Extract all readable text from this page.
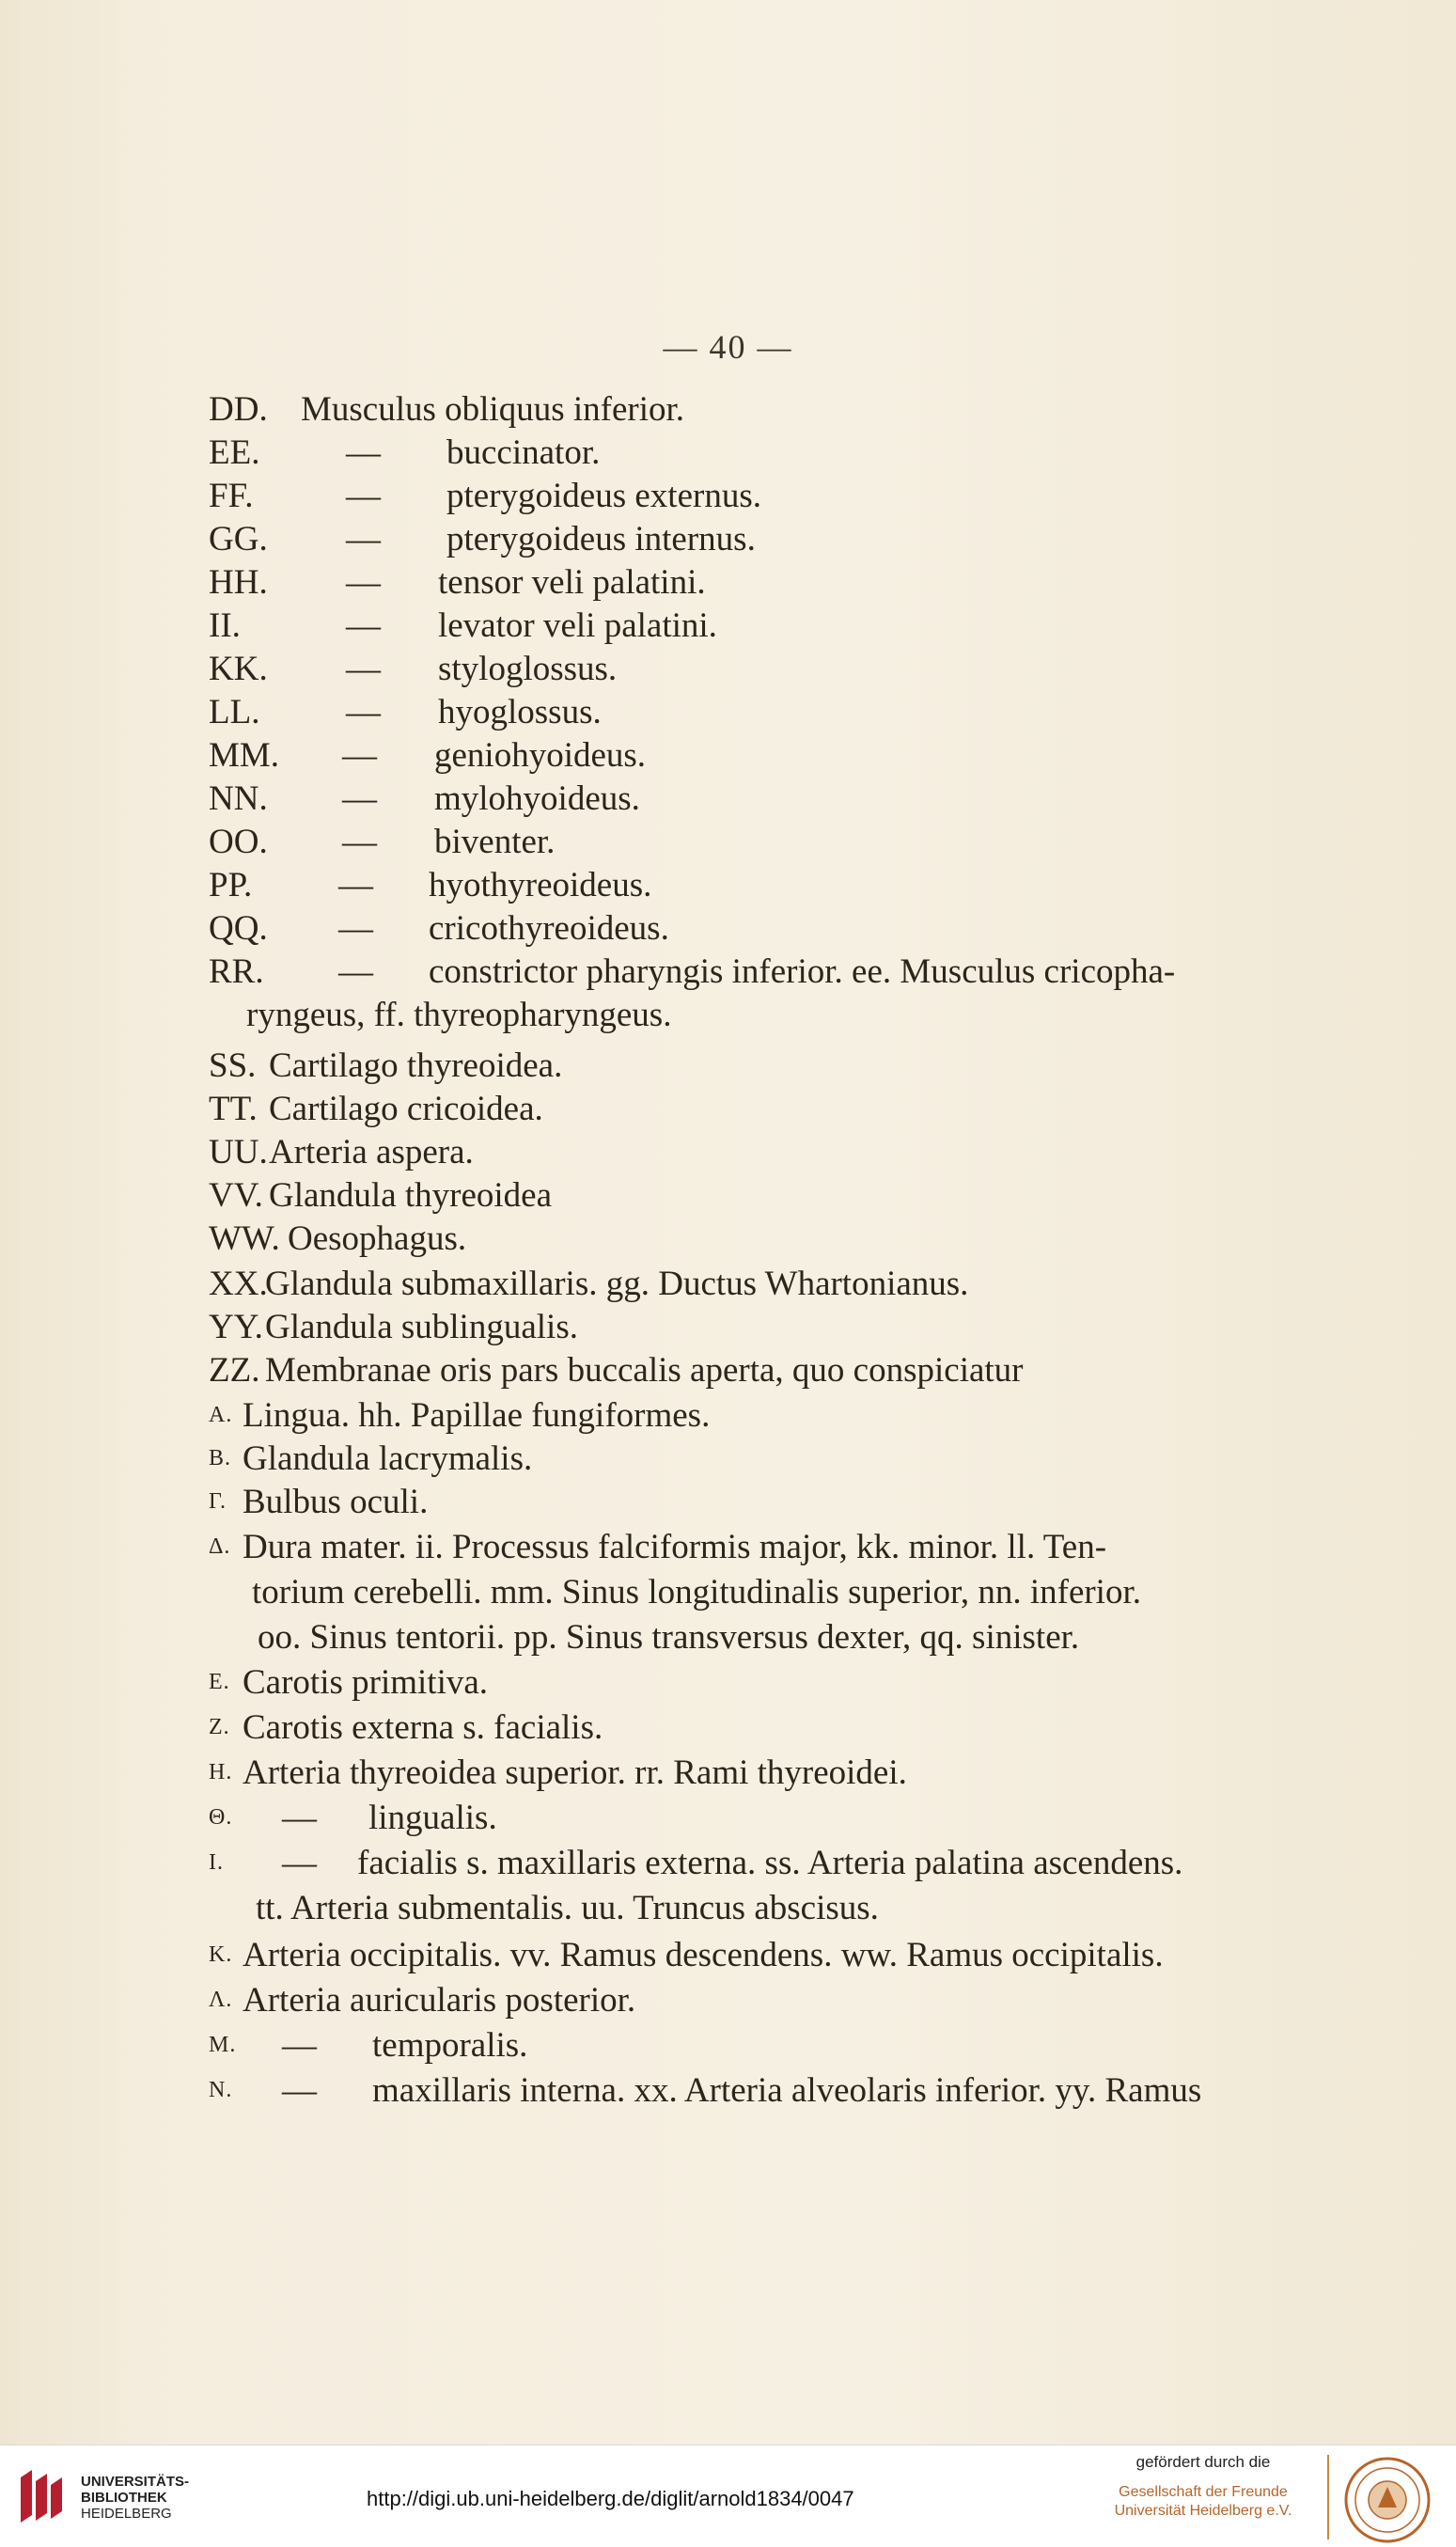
— 40 —
DD. Musculus obliquus inferior.
EE. — buccinator.
FF.	— pterygoideus externus.
GG. — pterygoideus internus.
HH. — tensor veli palatini.
II.	— levator veli palatini.
KK. — styloglossus.
LL. — hyoglossus.
MM. — geniohyoideus.
NN. — mylohyoideus.
OO. — biventer.
PP. — hyothyreoideus.
QQ. — cricothyreoideus.
RR. — constrictor pharyngis inferior. ee. Musculus cricopha-
ryngeus, ff. thyreopharyngeus.
SS. Cartilago thyreoidea.
TT. Cartilago cricoidea.
UU. Arteria aspera.
VV. Glandula thyreoidea
WW. Oesophagus.
XX.
Glandula submaxillaris. gg. Ductus Whartonianus.
YY. Glandula sublingualis.
ZZ. Membranae oris pars buccalis aperta, quo conspiciatur
A. Lingua. hh. Papillae fungiformes.
B. Glandula lacrymalis.
Γ. Bulbus oculi.
Δ. Dura mater. ii. Processus falciformis major, kk. minor. ll. Ten-
torium cerebelli. mm. Sinus longitudinalis superior, nn. inferior.
oo. Sinus tentorii. pp. Sinus transversus dexter, qq. sinister.
E. Carotis primitiva.
Z. Carotis externa s. facialis.
H. Arteria thyreoidea superior. rr. Rami thyreoidei.
Θ. — lingualis.
I. — facialis s. maxillaris externa. ss. Arteria palatina ascendens.
tt. Arteria submentalis. uu. Truncus abscisus.
K. Arteria occipitalis. vv. Ramus descendens. ww. Ramus occipitalis.
Λ. Arteria auricularis posterior.
M. — temporalis.
N. — maxillaris interna. xx. Arteria alveolaris inferior. yy. Ramus
UNIVERSITÄTS-
BIBLIOTHEK
HEIDELBERG
http://digi.ub.uni-heidelberg.de/diglit/arnold1834/0047
gefördert durch die
Gesellschaft der Freunde
Universität Heidelberg e.V.
